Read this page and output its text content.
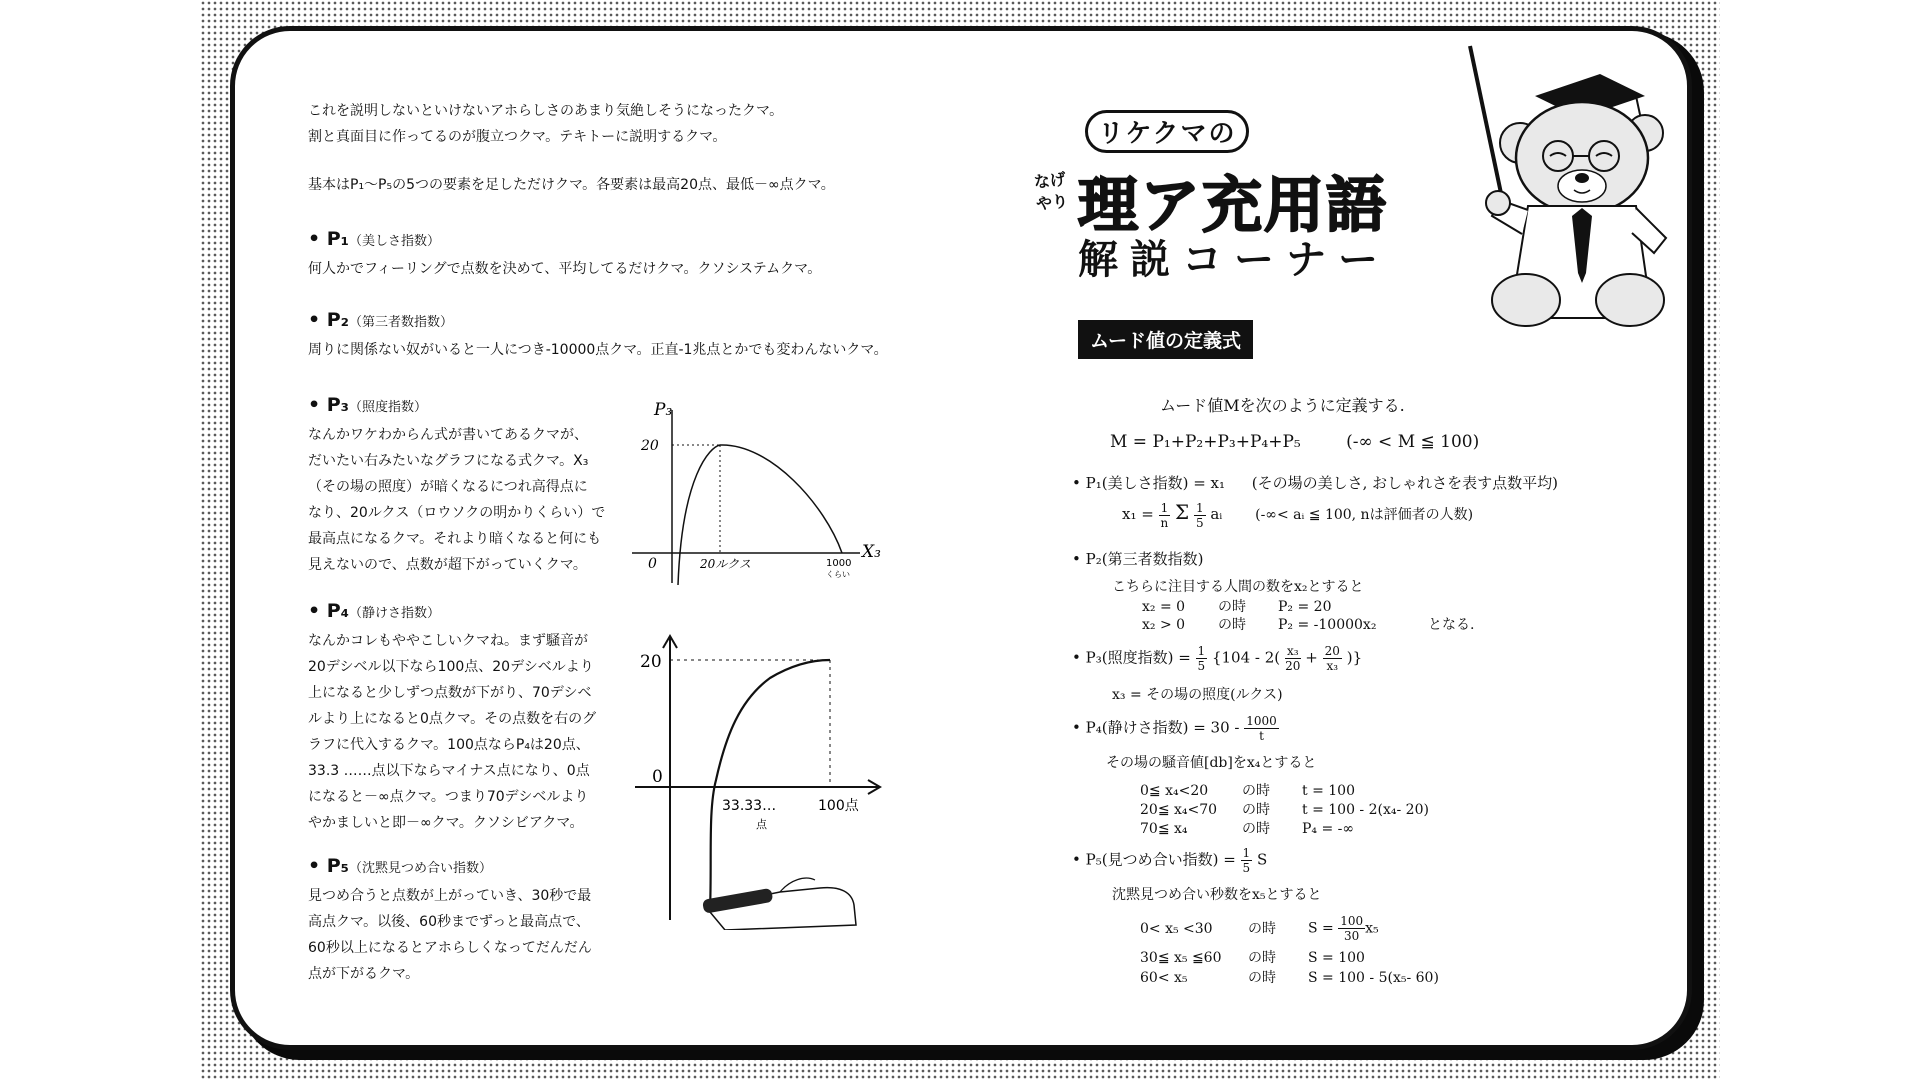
これを説明しないといけないアホらしさのあまり気絶しそうになったクマ。

割と真面目に作ってるのが腹立つクマ。テキトーに説明するクマ。

基本はP₁～P₅の5つの要素を足しただけクマ。各要素は最高20点、最低－∞点クマ。

• P₁（美しさ指数）
何人かでフィーリングで点数を決めて、平均してるだけクマ。クソシステムクマ。
• P₂（第三者数指数）
周りに関係ない奴がいると一人につき-10000点クマ。正直-1兆点とかでも変わんないクマ。
• P₃（照度指数）
なんかワケわからん式が書いてあるクマが、
だいたい右みたいなグラフになる式クマ。X₃
（その場の照度）が暗くなるにつれ高得点に
なり、20ルクス（ロウソクの明かりくらい）で
最高点になるクマ。それより暗くなると何にも
見えないので、点数が超下がっていくクマ。
• P₄（静けさ指数）
なんかコレもややこしいクマね。まず騒音が
20デシベル以下なら100点、20デシベルより
上になると少しずつ点数が下がり、70デシベ
ルより上になると0点クマ。その点数を右のグ
ラフに代入するクマ。100点ならP₄は20点、
33.3 ……点以下ならマイナス点になり、0点
になると－∞点クマ。つまり70デシベルより
やかましいと即－∞クマ。クソシビアクマ。
• P₅（沈黙見つめ合い指数）
見つめ合うと点数が上がっていき、30秒で最
高点クマ。以後、60秒までずっと最高点で、
60秒以上になるとアホらしくなってだんだん
点が下がるクマ。
P₃
20
0	20ルクス	1000
くらい
X₃
20
0
33.33…
点
100点
リケクマの
なげやり 理ア充用語
解説コーナー
ムード値の定義式
ムード値Mを次のように定義する.
M = P₁+P₂+P₃+P₄+P₅	(-∞ < M ≦ 100)
• P₁(美しさ指数) = x₁ (その場の美しさ, おしゃれさを表す点数平均)
$x_1 = \frac{1}{n}$ Σ $\frac{1}{5}$ aᵢ (-∞< aᵢ ≦ 100, nは評価者の人数)
• P₂(第三者数指数)
こちらに注目する人間の数をx₂とすると
x₂ = 0 の時 P₂ = 20
x₂ > 0 の時 P₂ = -10000x₂	となる.
• P₃(照度指数) = $\frac{1}{5} \{104 - 2( \frac{\text{x₃}}{20} + \frac{20}{\text{x₃}}$ )}
x₃ = その場の照度(ルクス)
• P₄(静けさ指数) = $30 - \frac{1000}{t}$
その場の騒音値[db]をx₄とすると
0≦ x₄<20 の時 t = 100
20≦ x₄<70 の時 t = 100 - 2(x₄- 20)
70≦ x₄	の時 P₄ = -∞
• P₅(見つめ合い指数) = $\frac{1}{5}$ S
沈黙見つめ合い秒数をx₅とすると
0< x₅ <30	の時 $S = \frac{100}{30} x_5$
30≦ x₅ ≦60 の時 S = 100
60< x₅	の時 S = 100 - 5(x₅- 60)
